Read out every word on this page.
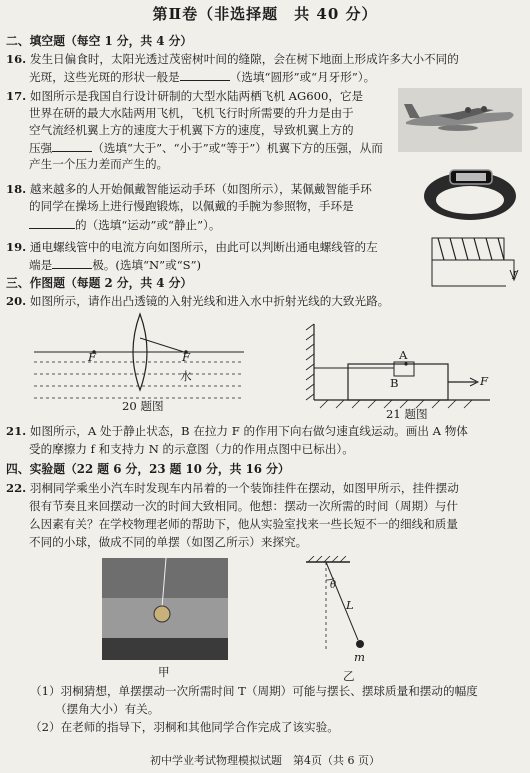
第Ⅱ卷（非选择题　共 40 分）
二、填空题（每空 1 分，共 4 分）
16. 发生日偏食时，太阳光透过茂密树叶间的缝隙，会在树下地面上形成许多大小不同的
光斑，这些光斑的形状一般是	（选填“圆形”或“月牙形”）。
17. 如图所示是我国自行设计研制的大型水陆两栖飞机 AG600，它是
世界在研的最大水陆两用飞机，飞机飞行时所需要的升力是由于
空气流经机翼上方的速度大于机翼下方的速度，导致机翼上方的
压强	（选填“大于”、“小于”或“等于”）机翼下方的压强，从而
产生一个压力差而产生的。
18. 越来越多的人开始佩戴智能运动手环（如图所示），某佩戴智能手环
的同学在操场上进行慢跑锻炼，以佩戴的手腕为参照物，手环是
的（选填“运动”或“静止”）。
19. 通电螺线管中的电流方向如图所示，由此可以判断出通电螺线管的左
端是	极。(选填“N”或“S”)
I
三、作图题（每题 2 分，共 4 分）
20. 如图所示，请作出凸透镜的入射光线和进入水中折射光线的大致光路。
F	F
水
20 题图
A
B	F
21 题图
21. 如图所示，A 处于静止状态，B 在拉力 F 的作用下向右做匀速直线运动。画出 A 物体
受的摩擦力 f 和支持力 N 的示意图（力的作用点图中已标出）。
四、实验题（22 题 6 分，23 题 10 分，共 16 分）
22. 羽桐同学乘坐小汽车时发现车内吊着的一个装饰挂件在摆动，如图甲所示，挂件摆动
很有节奏且来回摆动一次的时间大致相同。他想：摆动一次所需的时间（周期）与什
么因素有关？在学校物理老师的帮助下，他从实验室找来一些长短不一的细线和质量
不同的小球，做成不同的单摆（如图乙所示）来探究。
甲
θ
L
m
乙
（1）羽桐猜想，单摆摆动一次所需时间 T（周期）可能与摆长、摆球质量和摆动的幅度
（摆角大小）有关。
（2）在老师的指导下，羽桐和其他同学合作完成了该实验。
初中学业考试物理模拟试题　第4页（共 6 页）
